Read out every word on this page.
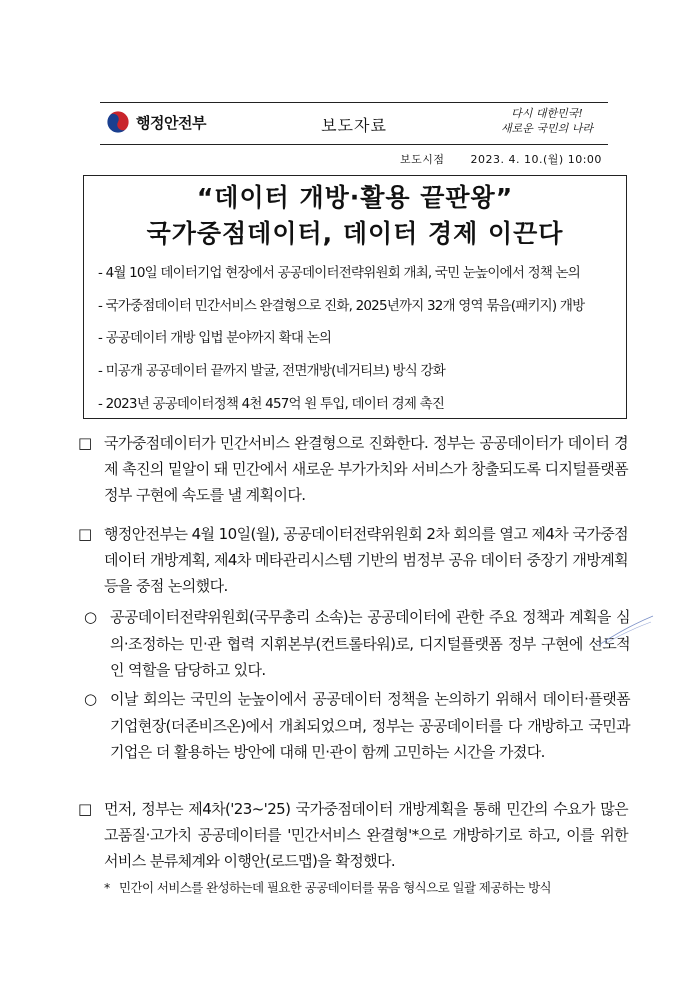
행정안전부	보도자료
다시 대한민국!
새로운 국민의 나라
보도시점 2023. 4. 10.(월) 10:00
“데이터 개방·활용 끝판왕”
국가중점데이터, 데이터 경제 이끈다
- 4월 10일 데이터기업 현장에서 공공데이터전략위원회 개최, 국민 눈높이에서 정책 논의
- 국가중점데이터 민간서비스 완결형으로 진화, 2025년까지 32개 영역 묶음(패키지) 개방
- 공공데이터 개방 입법 분야까지 확대 논의
- 미공개 공공데이터 끝까지 발굴, 전면개방(네거티브) 방식 강화
- 2023년 공공데이터정책 4천 457억 원 투입, 데이터 경제 촉진
□ 국가중점데이터가 민간서비스 완결형으로 진화한다. 정부는 공공데이터가 데이터 경제 촉진의 밑알이 돼 민간에서 새로운 부가가치와 서비스가 창출되도록 디지털플랫폼정부 구현에 속도를 낼 계획이다.
□ 행정안전부는 4월 10일(월), 공공데이터전략위원회 2차 회의를 열고 제4차 국가중점데이터 개방계획, 제4차 메타관리시스템 기반의 범정부 공유 데이터 중장기 개방계획 등을 중점 논의했다.
○ 공공데이터전략위원회(국무총리 소속)는 공공데이터에 관한 주요 정책과 계획을 심의·조정하는 민·관 협력 지휘본부(컨트롤타워)로, 디지털플랫폼 정부 구현에 선도적인 역할을 담당하고 있다.
○ 이날 회의는 국민의 눈높이에서 공공데이터 정책을 논의하기 위해서 데이터·플랫폼 기업현장(더존비즈온)에서 개최되었으며, 정부는 공공데이터를 다 개방하고 국민과 기업은 더 활용하는 방안에 대해 민·관이 함께 고민하는 시간을 가졌다.
□ 먼저, 정부는 제4차('23~'25) 국가중점데이터 개방계획을 통해 민간의 수요가 많은 고품질·고가치 공공데이터를 '민간서비스 완결형'*으로 개방하기로 하고, 이를 위한 서비스 분류체계와 이행안(로드맵)을 확정했다.
* 민간이 서비스를 완성하는데 필요한 공공데이터를 묶음 형식으로 일괄 제공하는 방식
